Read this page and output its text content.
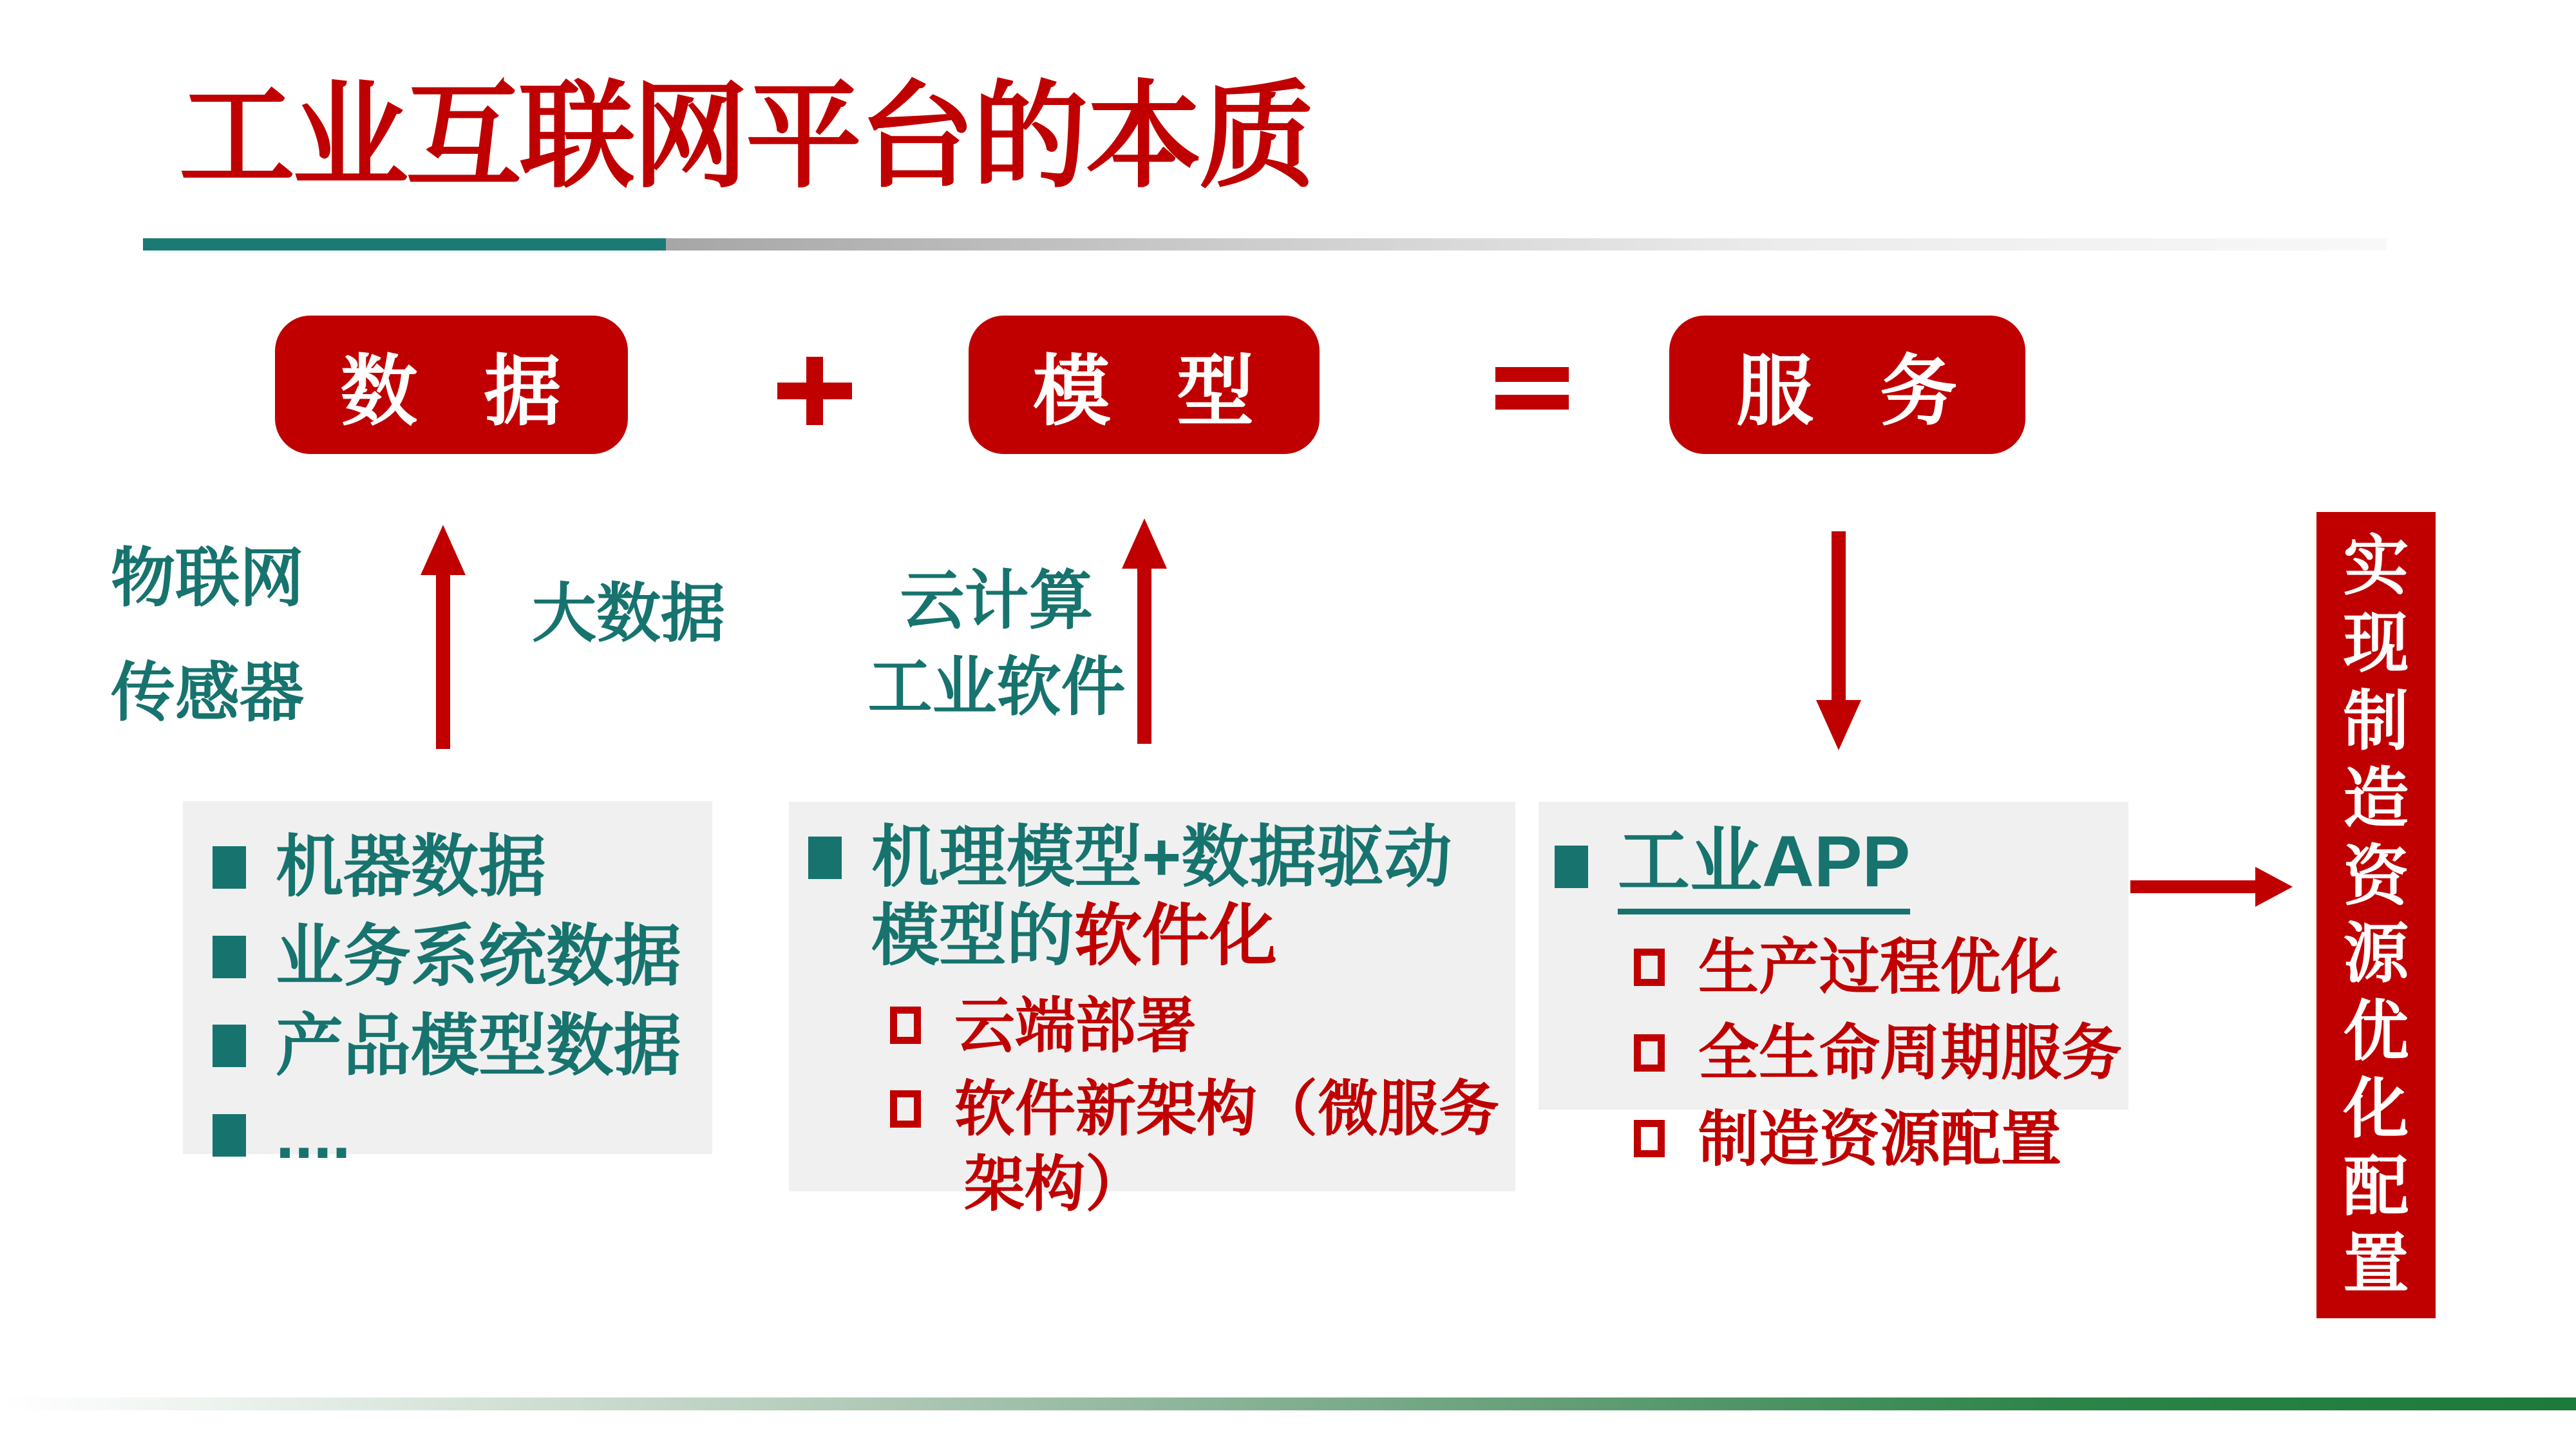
工业互联网平台的本质
数 据	模 型	服 务
物联网
传感器
大数据	云计算
工业软件
机器数据
业务系统数据
产品模型数据
....
机理模型+数据驱动
模型的软件化
云端部署
软件新架构（微服务
架构）
工业APP
生产过程优化
全生命周期服务
制造资源配置
实
现
制
造
资
源
优
化
配
置
